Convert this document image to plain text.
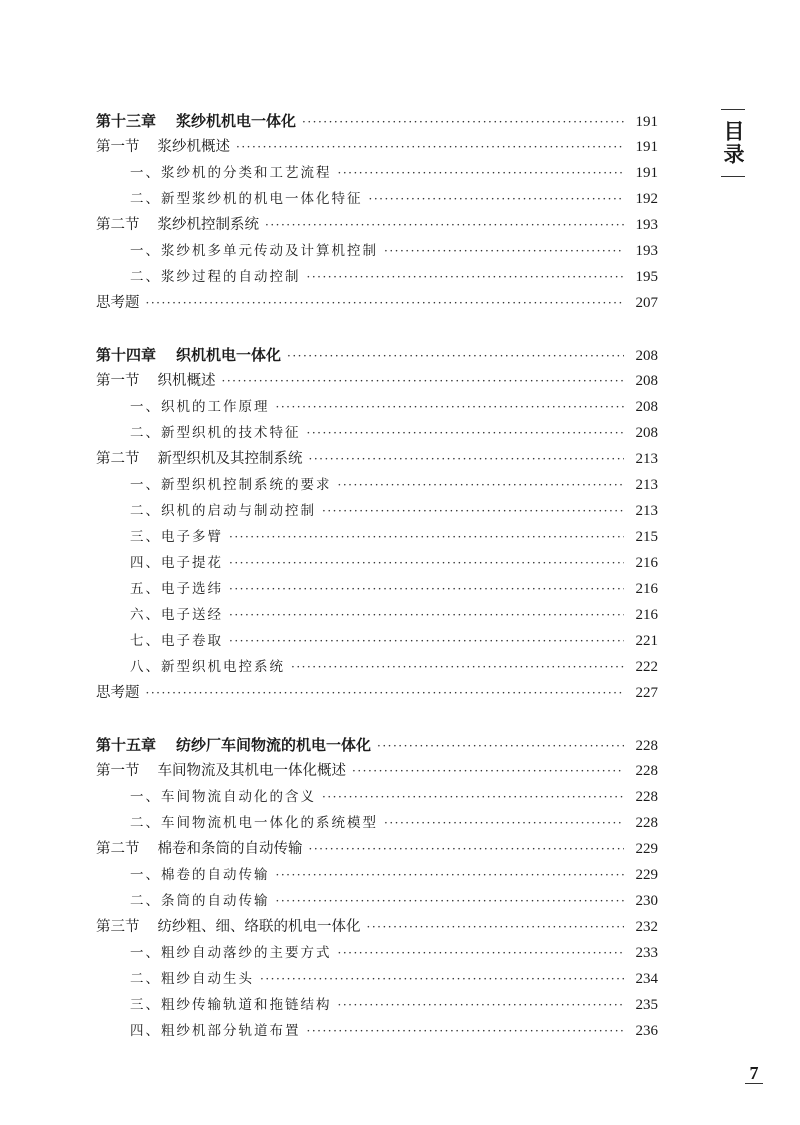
第十三章 浆纱机机电一体化 ·····	191
第一节 浆纱机概述 ·····	191
一、浆纱机的分类和工艺流程 ·····	191
二、新型浆纱机的机电一体化特征 ·····	192
第二节 浆纱机控制系统 ·····	193
一、浆纱机多单元传动及计算机控制 ·····	193
二、浆纱过程的自动控制 ·····	195
思考题 ·····	207
第十四章 织机机电一体化 ·····	208
第一节 织机概述 ·····	208
一、织机的工作原理 ·····	208
二、新型织机的技术特征 ·····	208
第二节 新型织机及其控制系统 ·····	213
一、新型织机控制系统的要求 ·····	213
二、织机的启动与制动控制 ·····	213
三、电子多臂 ·····	215
四、电子提花 ·····	216
五、电子选纬 ·····	216
六、电子送经 ·····	216
七、电子卷取 ·····	221
八、新型织机电控系统 ·····	222
思考题 ·····	227
第十五章 纺纱厂车间物流的机电一体化 ·····	228
第一节 车间物流及其机电一体化概述 ·····	228
一、车间物流自动化的含义 ·····	228
二、车间物流机电一体化的系统模型 ·····	228
第二节 棉卷和条筒的自动传输 ·····	229
一、棉卷的自动传输 ·····	229
二、条筒的自动传输 ·····	230
第三节 纺纱粗、细、络联的机电一体化 ·····	232
一、粗纱自动落纱的主要方式 ·····	233
二、粗纱自动生头 ·····	234
三、粗纱传输轨道和拖链结构 ·····	235
四、粗纱机部分轨道布置 ·····	236
目录
7
